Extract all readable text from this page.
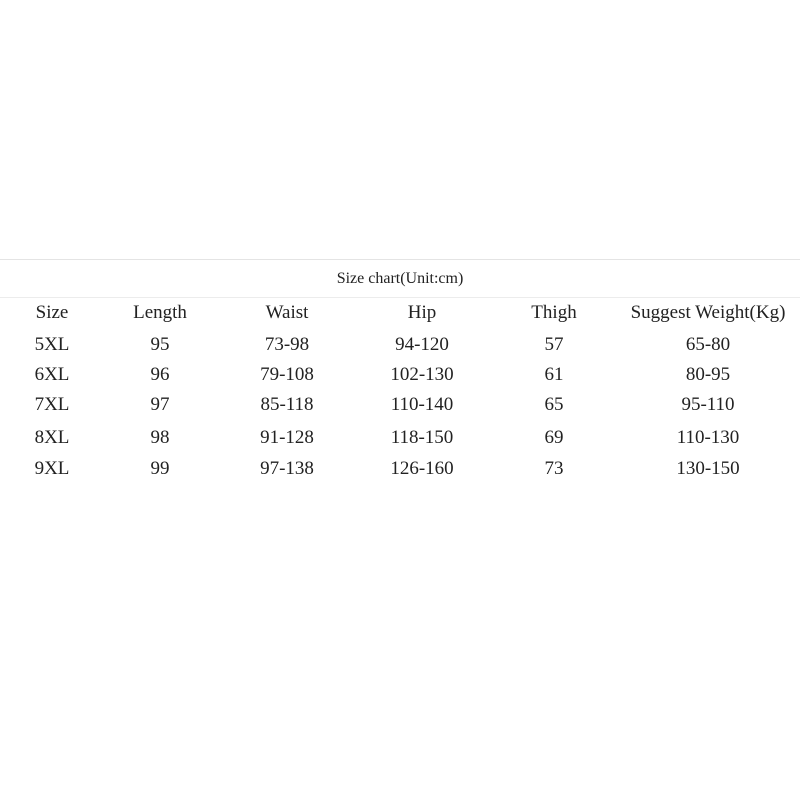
Size chart(Unit:cm)
Size	Length	Waist	Hip	Thigh	Suggest Weight(Kg)
5XL	95	73-98	94-120	57	65-80
6XL	96	79-108	102-130	61	80-95
7XL	97	85-118	110-140	65	95-110
8XL	98	91-128	118-150	69	110-130
9XL	99	97-138	126-160	73	130-150
